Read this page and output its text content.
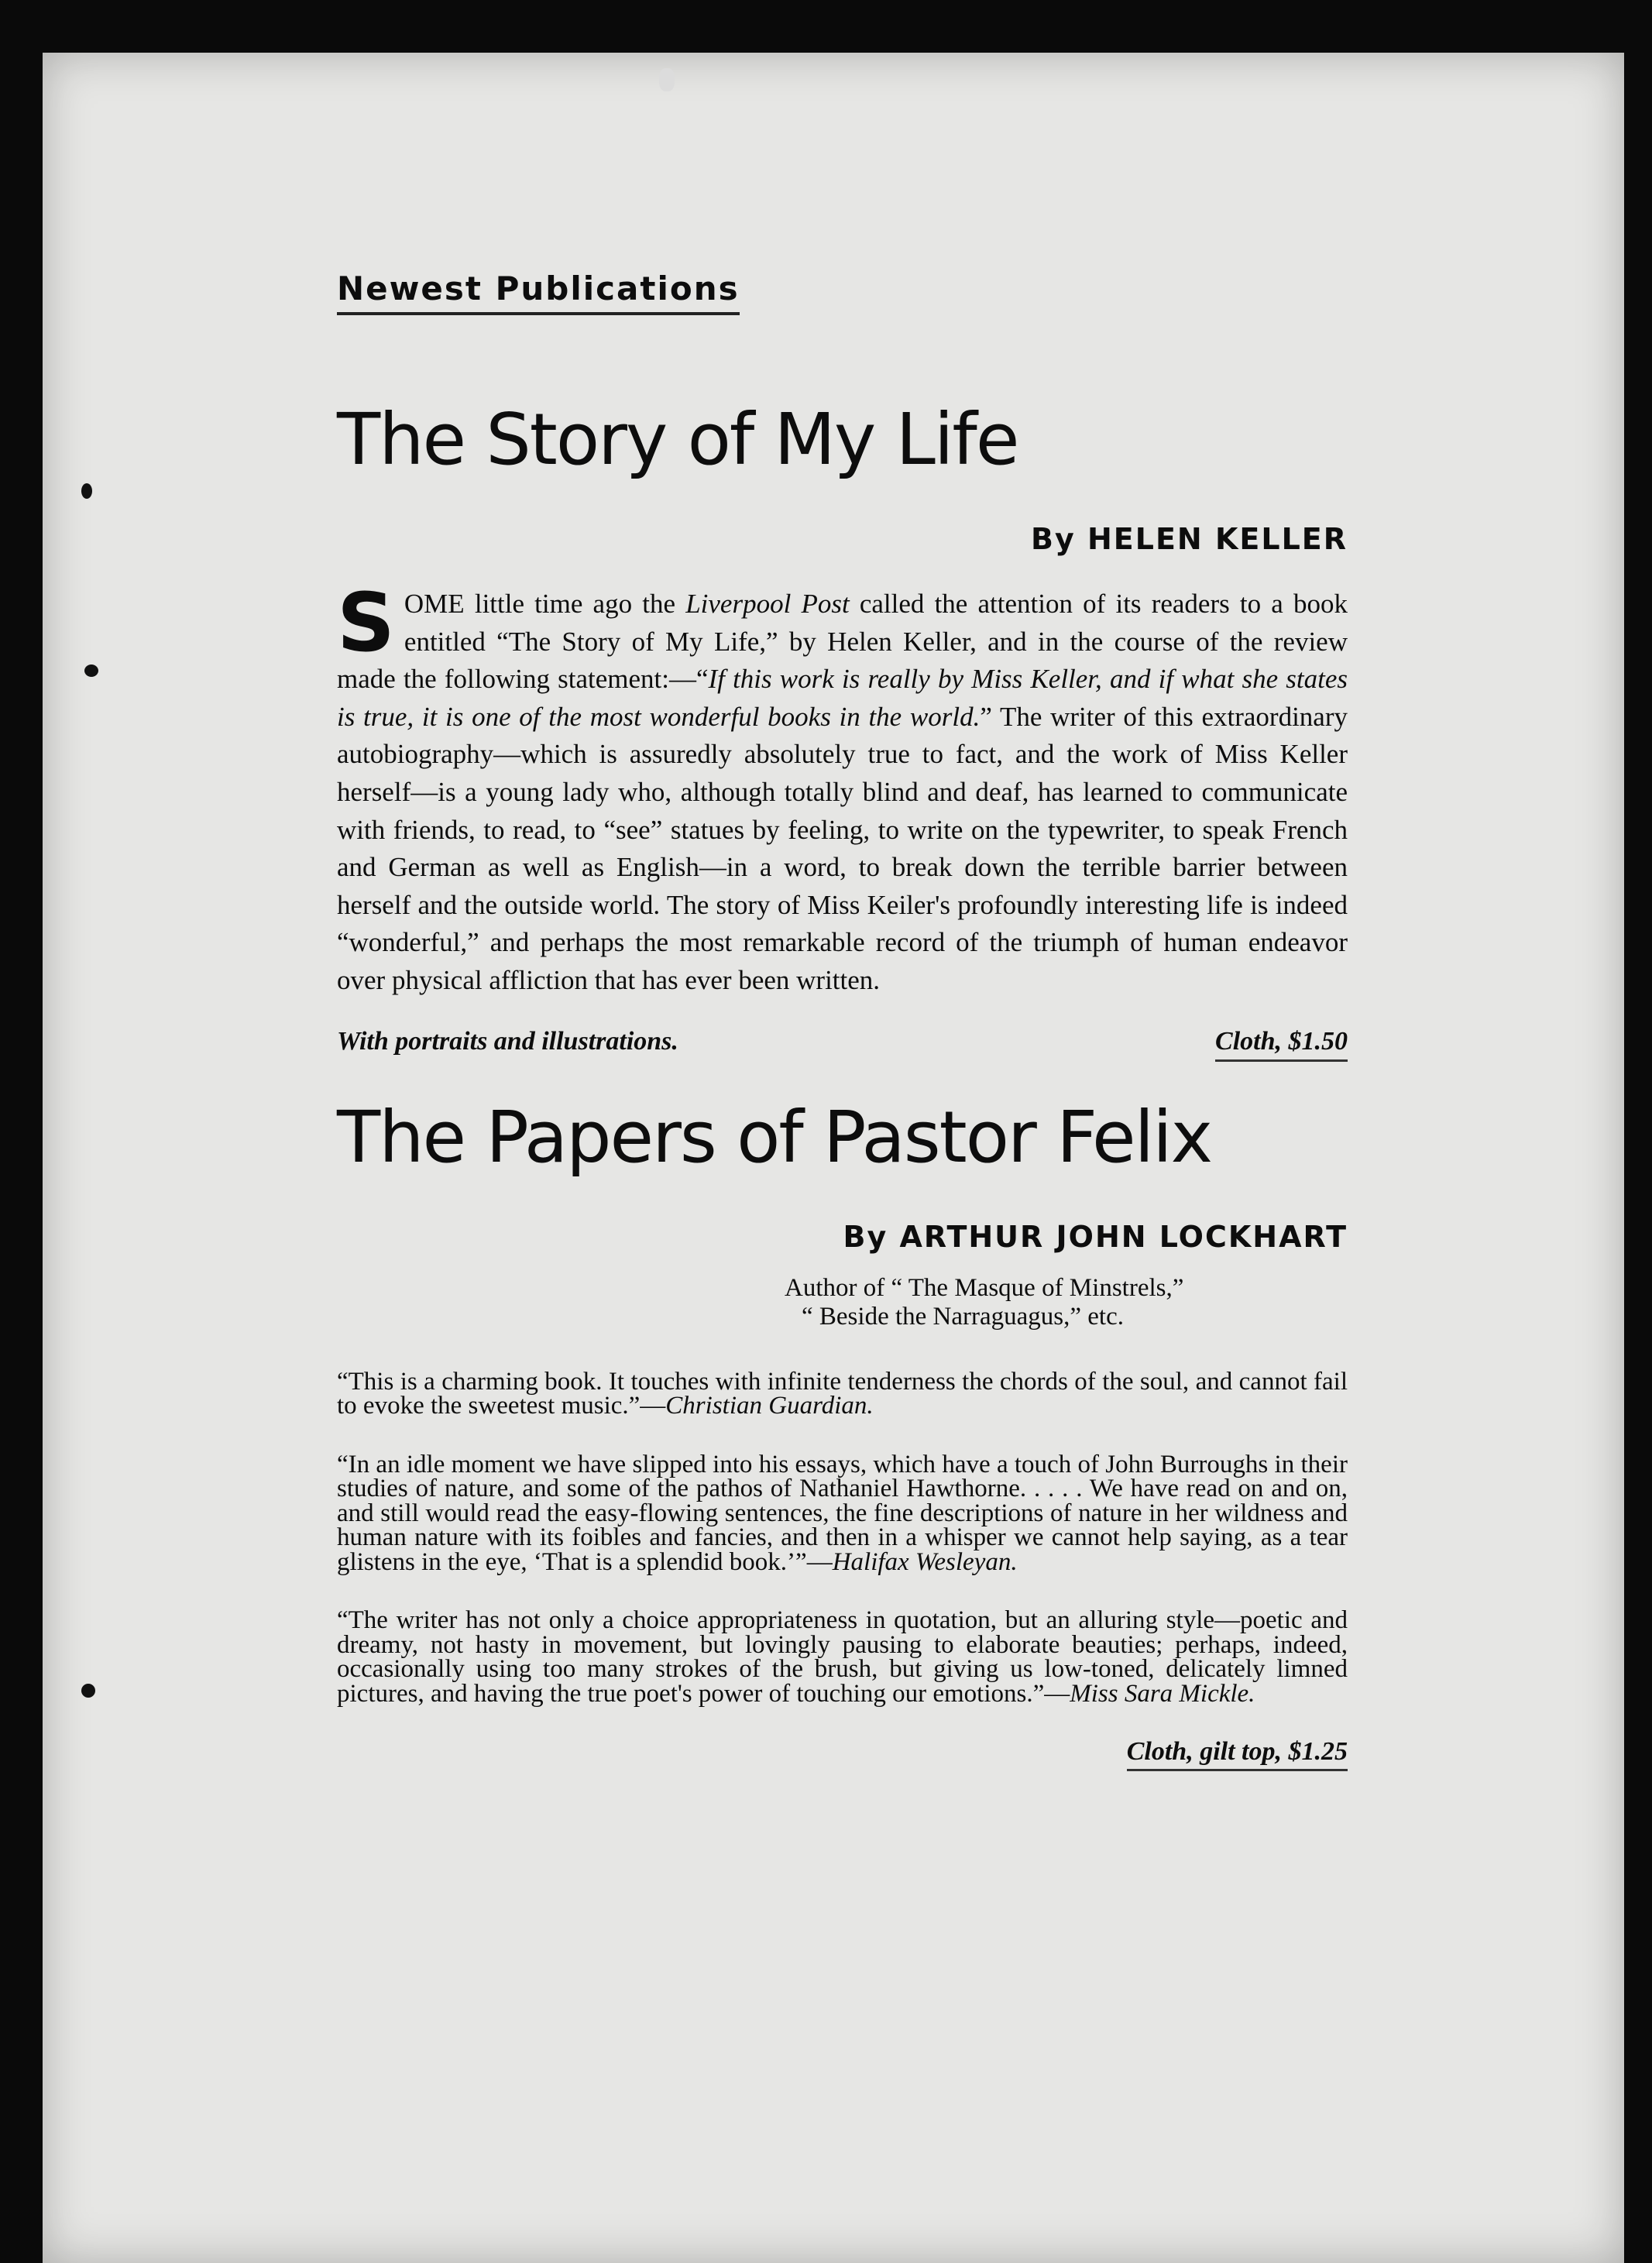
Newest Publications
The Story of My Life
By HELEN KELLER

SOME little time ago the Liverpool Post called the attention of its readers to a book entitled “The Story of My Life,” by Helen Keller, and in the course of the review made the following statement:—“If this work is really by Miss Keller, and if what she states is true, it is one of the most wonderful books in the world.” The writer of this extraordinary autobiography—which is assuredly absolutely true to fact, and the work of Miss Keller herself—is a young lady who, although totally blind and deaf, has learned to communicate with friends, to read, to “see” statues by feeling, to write on the typewriter, to speak French and German as well as English—in a word, to break down the terrible barrier between herself and the outside world. The story of Miss Keiler's profoundly interesting life is indeed “wonderful,” and perhaps the most remarkable record of the triumph of human endeavor over physical affliction that has ever been written.

With portraits and illustrations.	Cloth, $1.50
The Papers of Pastor Felix
By ARTHUR JOHN LOCKHART
Author of “ The Masque of Minstrels,”
“ Beside the Narraguagus,” etc.

“This is a charming book. It touches with infinite tenderness the chords of the soul, and cannot fail to evoke the sweetest music.”—Christian Guardian.

“In an idle moment we have slipped into his essays, which have a touch of John Burroughs in their studies of nature, and some of the pathos of Nathaniel Hawthorne. . . . . We have read on and on, and still would read the easy-flowing sentences, the fine descriptions of nature in her wildness and human nature with its foibles and fancies, and then in a whisper we cannot help saying, as a tear glistens in the eye, ‘That is a splendid book.’”—Halifax Wesleyan.

“The writer has not only a choice appropriateness in quotation, but an alluring style—poetic and dreamy, not hasty in movement, but lovingly pausing to elaborate beauties; perhaps, indeed, occasionally using too many strokes of the brush, but giving us low-toned, delicately limned pictures, and having the true poet's power of touching our emotions.”—Miss Sara Mickle.

Cloth, gilt top, $1.25
